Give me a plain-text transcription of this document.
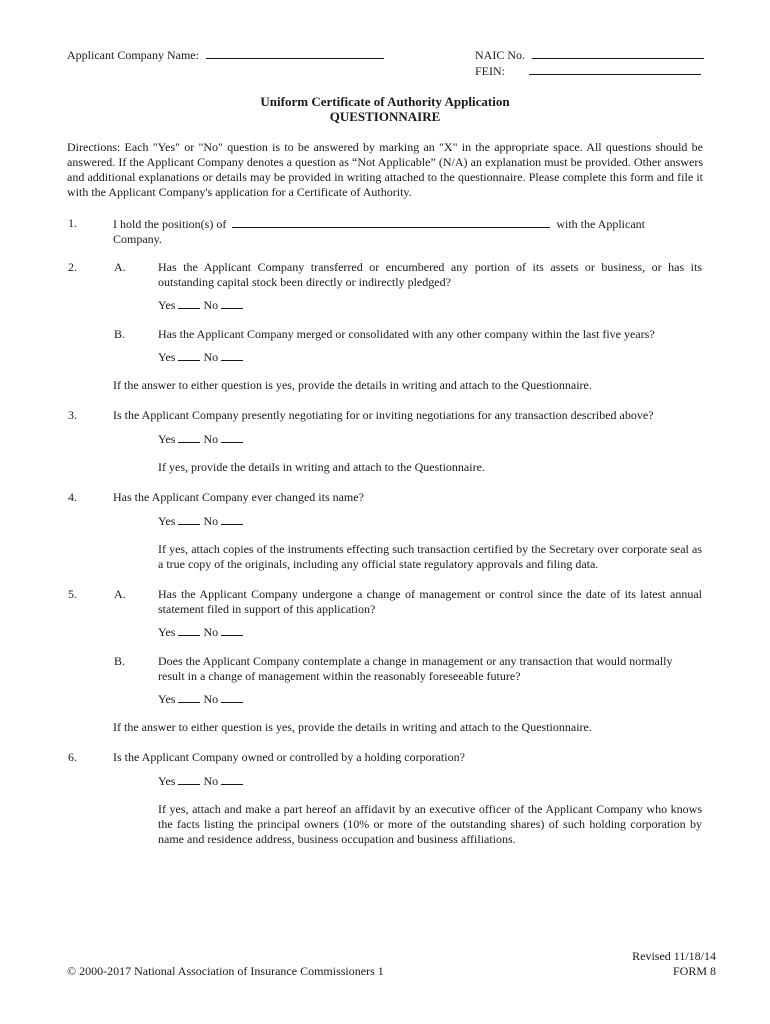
Applicant Company Name:	NAIC No.
FEIN:
Uniform Certificate of Authority Application
QUESTIONNAIRE
Directions: Each "Yes" or "No" question is to be answered by marking an "X" in the appropriate space. All questions should be answered. If the Applicant Company denotes a question as “Not Applicable” (N/A) an explanation must be provided. Other answers and additional explanations or details may be provided in writing attached to the questionnaire. Please complete this form and file it with the Applicant Company's application for a Certificate of Authority.
1.	I hold the position(s) of	with the Applicant
Company.
2.	A.	Has the Applicant Company transferred or encumbered any portion of its assets or business, or has its outstanding capital stock been directly or indirectly pledged?
Yes No
B.	Has the Applicant Company merged or consolidated with any other company within the last five years?
Yes No
If the answer to either question is yes, provide the details in writing and attach to the Questionnaire.
3.	Is the Applicant Company presently negotiating for or inviting negotiations for any transaction described above?
Yes No
If yes, provide the details in writing and attach to the Questionnaire.
4.	Has the Applicant Company ever changed its name?
Yes No
If yes, attach copies of the instruments effecting such transaction certified by the Secretary over corporate seal as a true copy of the originals, including any official state regulatory approvals and filing data.
5.	A.	Has the Applicant Company undergone a change of management or control since the date of its latest annual statement filed in support of this application?
Yes No
B.	Does the Applicant Company contemplate a change in management or any transaction that would normally result in a change of management within the reasonably foreseeable future?
Yes No
If the answer to either question is yes, provide the details in writing and attach to the Questionnaire.
6.	Is the Applicant Company owned or controlled by a holding corporation?
Yes No
If yes, attach and make a part hereof an affidavit by an executive officer of the Applicant Company who knows the facts listing the principal owners (10% or more of the outstanding shares) of such holding corporation by name and residence address, business occupation and business affiliations.
© 2000-2017 National Association of Insurance Commissioners 1
Revised 11/18/14
FORM 8
